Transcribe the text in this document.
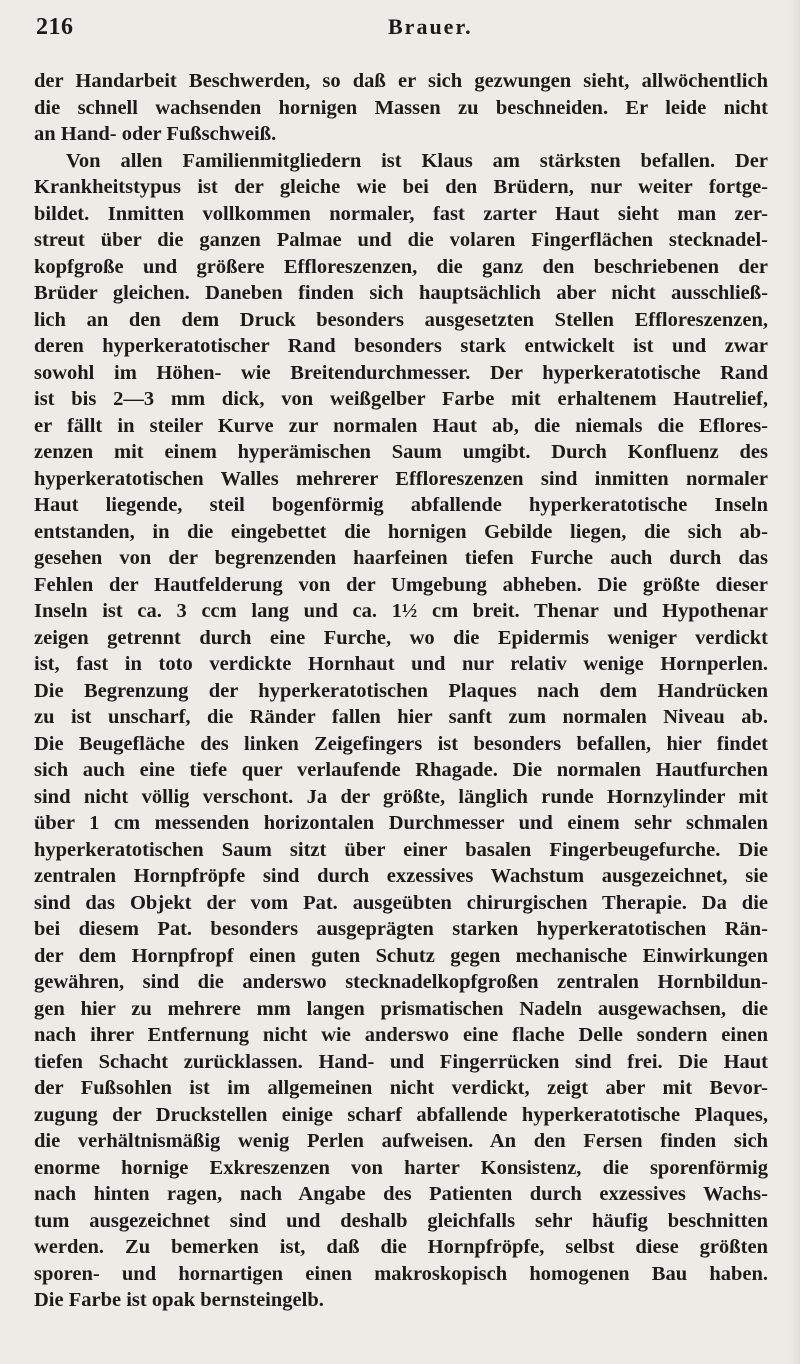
216	Brauer.
der Handarbeit Beschwerden, so daß er sich gezwungen sieht, allwöchentlich
die schnell wachsenden hornigen Massen zu beschneiden. Er leide nicht
an Hand- oder Fußschweiß.
Von allen Familienmitgliedern ist Klaus am stärksten befallen. Der
Krankheitstypus ist der gleiche wie bei den Brüdern, nur weiter fortge-
bildet. Inmitten vollkommen normaler, fast zarter Haut sieht man zer-
streut über die ganzen Palmae und die volaren Fingerflächen stecknadel-
kopfgroße und größere Effloreszenzen, die ganz den beschriebenen der
Brüder gleichen. Daneben finden sich hauptsächlich aber nicht ausschließ-
lich an den dem Druck besonders ausgesetzten Stellen Effloreszenzen,
deren hyperkeratotischer Rand besonders stark entwickelt ist und zwar
sowohl im Höhen- wie Breitendurchmesser. Der hyperkeratotische Rand
ist bis 2—3 mm dick, von weißgelber Farbe mit erhaltenem Hautrelief,
er fällt in steiler Kurve zur normalen Haut ab, die niemals die Eflores-
zenzen mit einem hyperämischen Saum umgibt. Durch Konfluenz des
hyperkeratotischen Walles mehrerer Effloreszenzen sind inmitten normaler
Haut liegende, steil bogenförmig abfallende hyperkeratotische Inseln
entstanden, in die eingebettet die hornigen Gebilde liegen, die sich ab-
gesehen von der begrenzenden haarfeinen tiefen Furche auch durch das
Fehlen der Hautfelderung von der Umgebung abheben. Die größte dieser
Inseln ist ca. 3 ccm lang und ca. 1½ cm breit. Thenar und Hypothenar
zeigen getrennt durch eine Furche, wo die Epidermis weniger verdickt
ist, fast in toto verdickte Hornhaut und nur relativ wenige Hornperlen.
Die Begrenzung der hyperkeratotischen Plaques nach dem Handrücken
zu ist unscharf, die Ränder fallen hier sanft zum normalen Niveau ab.
Die Beugefläche des linken Zeigefingers ist besonders befallen, hier findet
sich auch eine tiefe quer verlaufende Rhagade. Die normalen Hautfurchen
sind nicht völlig verschont. Ja der größte, länglich runde Hornzylinder mit
über 1 cm messenden horizontalen Durchmesser und einem sehr schmalen
hyperkeratotischen Saum sitzt über einer basalen Fingerbeugefurche. Die
zentralen Hornpfröpfe sind durch exzessives Wachstum ausgezeichnet, sie
sind das Objekt der vom Pat. ausgeübten chirurgischen Therapie. Da die
bei diesem Pat. besonders ausgeprägten starken hyperkeratotischen Rän-
der dem Hornpfropf einen guten Schutz gegen mechanische Einwirkungen
gewähren, sind die anderswo stecknadelkopfgroßen zentralen Hornbildun-
gen hier zu mehrere mm langen prismatischen Nadeln ausgewachsen, die
nach ihrer Entfernung nicht wie anderswo eine flache Delle sondern einen
tiefen Schacht zurücklassen. Hand- und Fingerrücken sind frei. Die Haut
der Fußsohlen ist im allgemeinen nicht verdickt, zeigt aber mit Bevor-
zugung der Druckstellen einige scharf abfallende hyperkeratotische Plaques,
die verhältnismäßig wenig Perlen aufweisen. An den Fersen finden sich
enorme hornige Exkreszenzen von harter Konsistenz, die sporenförmig
nach hinten ragen, nach Angabe des Patienten durch exzessives Wachs-
tum ausgezeichnet sind und deshalb gleichfalls sehr häufig beschnitten
werden. Zu bemerken ist, daß die Hornpfröpfe, selbst diese größten
sporen- und hornartigen einen makroskopisch homogenen Bau haben.
Die Farbe ist opak bernsteingelb.
